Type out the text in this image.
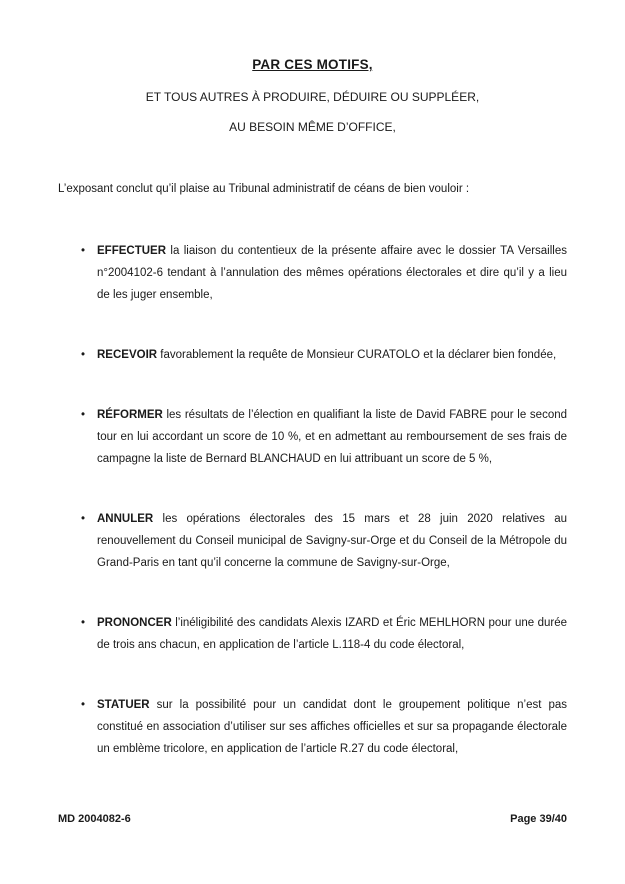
PAR CES MOTIFS,

ET TOUS AUTRES À PRODUIRE, DÉDUIRE OU SUPPLÉER,

AU BESOIN MÊME D’OFFICE,

L’exposant conclut qu’il plaise au Tribunal administratif de céans de bien vouloir :

• EFFECTUER la liaison du contentieux de la présente affaire avec le dossier TA Versailles n°2004102-6 tendant à l’annulation des mêmes opérations électorales et dire qu’il y a lieu de les juger ensemble,
• RECEVOIR favorablement la requête de Monsieur CURATOLO et la déclarer bien fondée,
• RÉFORMER les résultats de l’élection en qualifiant la liste de David FABRE pour le second tour en lui accordant un score de 10 %, et en admettant au remboursement de ses frais de campagne la liste de Bernard BLANCHAUD en lui attribuant un score de 5 %,
• ANNULER les opérations électorales des 15 mars et 28 juin 2020 relatives au renouvellement du Conseil municipal de Savigny-sur-Orge et du Conseil de la Métropole du Grand-Paris en tant qu’il concerne la commune de Savigny-sur-Orge,
• PRONONCER l’inéligibilité des candidats Alexis IZARD et Éric MEHLHORN pour une durée de trois ans chacun, en application de l’article L.118-4 du code électoral,
• STATUER sur la possibilité pour un candidat dont le groupement politique n’est pas constitué en association d’utiliser sur ses affiches officielles et sur sa propagande électorale un emblème tricolore, en application de l’article R.27 du code électoral,
MD 2004082-6	Page 39/40
